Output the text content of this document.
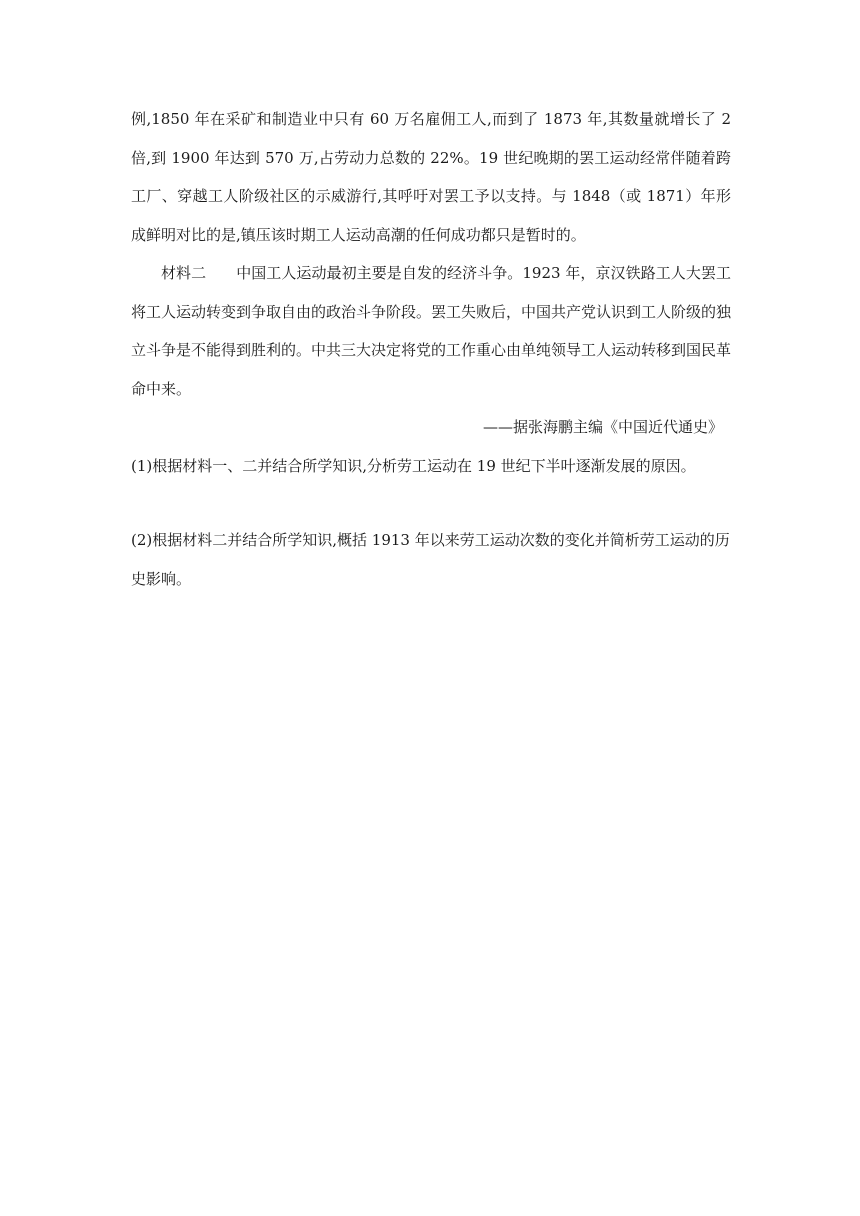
例,1850 年在采矿和制造业中只有 60 万名雇佣工人,而到了 1873 年,其数量就增长了 2 倍,到 1900 年达到 570 万,占劳动力总数的 22%。19 世纪晚期的罢工运动经常伴随着跨工厂、穿越工人阶级社区的示威游行,其呼吁对罢工予以支持。与 1848（或 1871）年形成鲜明对比的是,镇压该时期工人运动高潮的任何成功都只是暂时的。

材料二 中国工人运动最初主要是自发的经济斗争。1923 年，京汉铁路工人大罢工将工人运动转变到争取自由的政治斗争阶段。罢工失败后，中国共产党认识到工人阶级的独立斗争是不能得到胜利的。中共三大决定将党的工作重心由单纯领导工人运动转移到国民革命中来。

——据张海鹏主编《中国近代通史》

(1)根据材料一、二并结合所学知识,分析劳工运动在 19 世纪下半叶逐渐发展的原因。

(2)根据材料二并结合所学知识,概括 1913 年以来劳工运动次数的变化并简析劳工运动的历史影响。
